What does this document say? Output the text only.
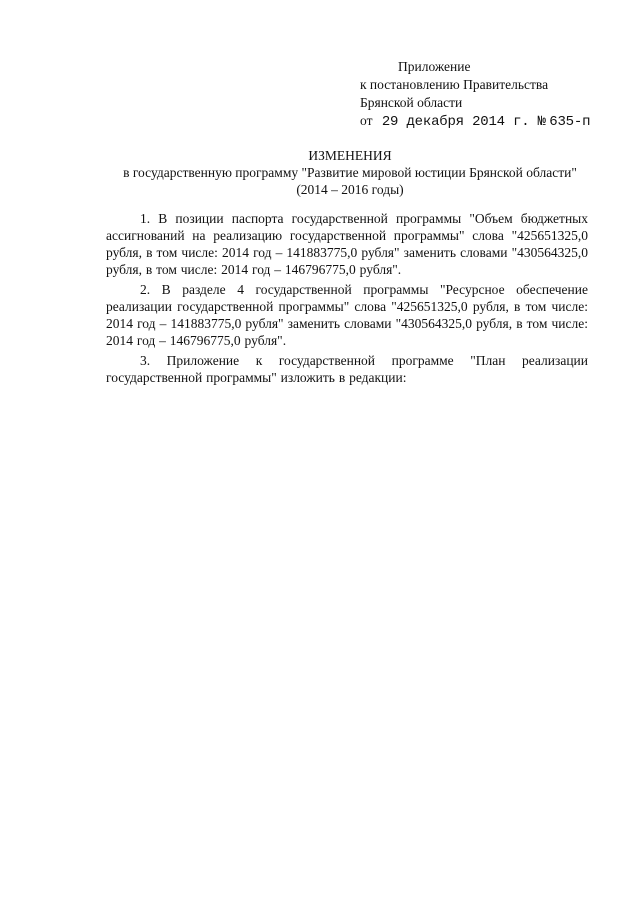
Приложение
к постановлению Правительства
Брянской области
от 29 декабря 2014 г. № 635-п
ИЗМЕНЕНИЯ
в государственную программу "Развитие мировой юстиции Брянской области" (2014 – 2016 годы)

1. В позиции паспорта государственной программы "Объем бюджетных ассигнований на реализацию государственной программы" слова "425651325,0 рубля, в том числе: 2014 год – 141883775,0 рубля" заменить словами "430564325,0 рубля, в том числе: 2014 год – 146796775,0 рубля".

2. В разделе 4 государственной программы "Ресурсное обеспечение реализации государственной программы" слова "425651325,0 рубля, в том числе: 2014 год – 141883775,0 рубля" заменить словами "430564325,0 рубля, в том числе: 2014 год – 146796775,0 рубля".

3. Приложение к государственной программе "План реализации государственной программы" изложить в редакции:
